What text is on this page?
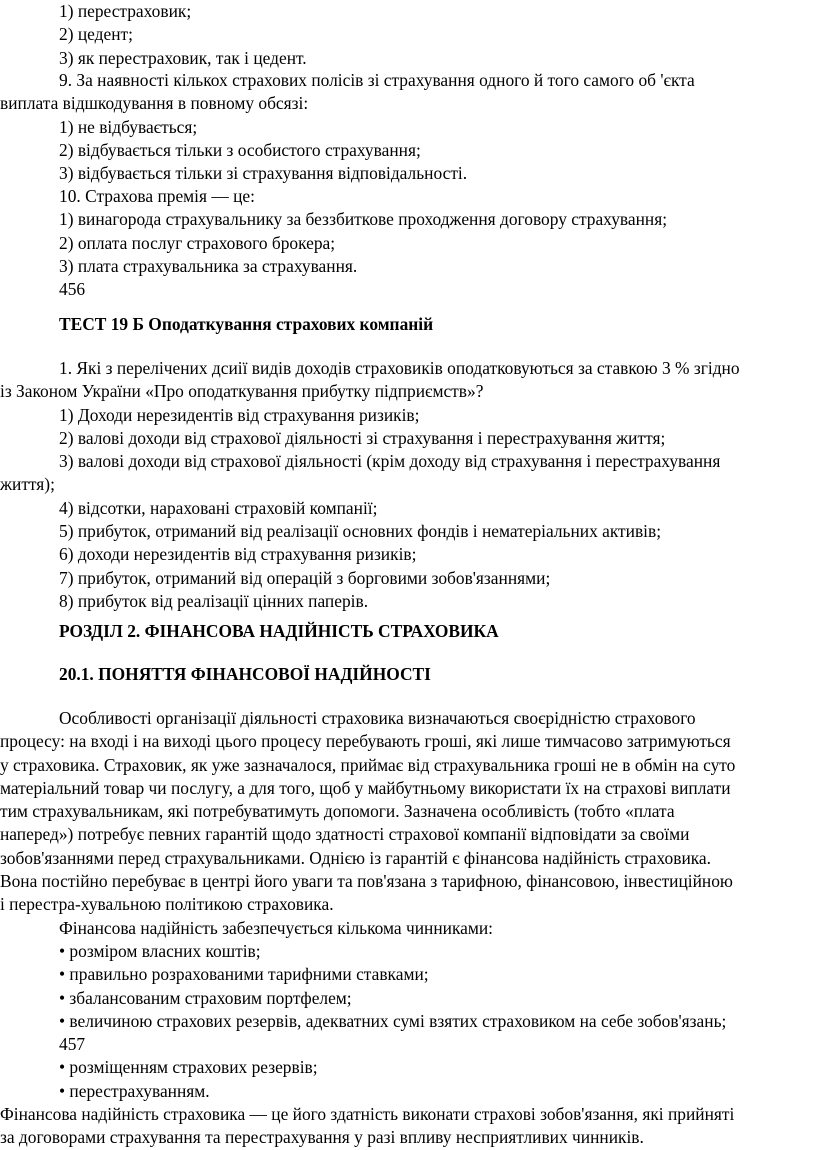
1) перестраховик;
2) цедент;
3) як перестраховик, так і цедент.
9. За наявності кількох страхових полісів зі страхування одного й того самого об 'єкта
виплата відшкодування в повному обсязі:
1) не відбувається;
2) відбувається тільки з особистого страхування;
3) відбувається тільки зі страхування відповідальності.
10. Страхова премія — це:
1) винагорода страхувальнику за беззбиткове проходження договору страхування;
2) оплата послуг страхового брокера;
3) плата страхувальника за страхування.
456
ТЕСТ 19 Б Оподаткування страхових компаній
1. Які з перелічених дсиії видів доходів страховиків оподатковуються за ставкою 3 % згідно
із Законом України «Про оподаткування прибутку підприємств»?
1) Доходи нерезидентів від страхування ризиків;
2) валові доходи від страхової діяльності зі страхування і перестрахування життя;
3) валові доходи від страхової діяльності (крім доходу від страхування і перестрахування
життя);
4) відсотки, нараховані страховій компанії;
5) прибуток, отриманий від реалізації основних фондів і нематеріальних активів;
6) доходи нерезидентів від страхування ризиків;
7) прибуток, отриманий від операцій з борговими зобов'язаннями;
8) прибуток від реалізації цінних паперів.
РОЗДІЛ 2. ФІНАНСОВА НАДІЙНІСТЬ СТРАХОВИКА
20.1. ПОНЯТТЯ ФІНАНСОВОЇ НАДІЙНОСТІ
Особливості організації діяльності страховика визначаються своєрідністю страхового
процесу: на вході і на виході цього процесу перебувають гроші, які лише тимчасово затримуються
у страховика. Страховик, як уже зазначалося, приймає від страхувальника гроші не в обмін на суто
матеріальний товар чи послугу, а для того, щоб у майбутньому використати їх на страхові виплати
тим страхувальникам, які потребуватимуть допомоги. Зазначена особливість (тобто «плата
наперед») потребує певних гарантій щодо здатності страхової компанії відповідати за своїми
зобов'язаннями перед страхувальниками. Однією із гарантій є фінансова надійність страховика.
Вона постійно перебуває в центрі його уваги та пов'язана з тарифною, фінансовою, інвестиційною
і перестра-хувальною політикою страховика.
Фінансова надійність забезпечується кількома чинниками:
• розміром власних коштів;
• правильно розрахованими тарифними ставками;
• збалансованим страховим портфелем;
• величиною страхових резервів, адекватних сумі взятих страховиком на себе зобов'язань;
457
• розміщенням страхових резервів;
• перестрахуванням.
Фінансова надійність страховика — це його здатність виконати страхові зобов'язання, які прийняті
за договорами страхування та перестрахування у разі впливу несприятливих чинників.
